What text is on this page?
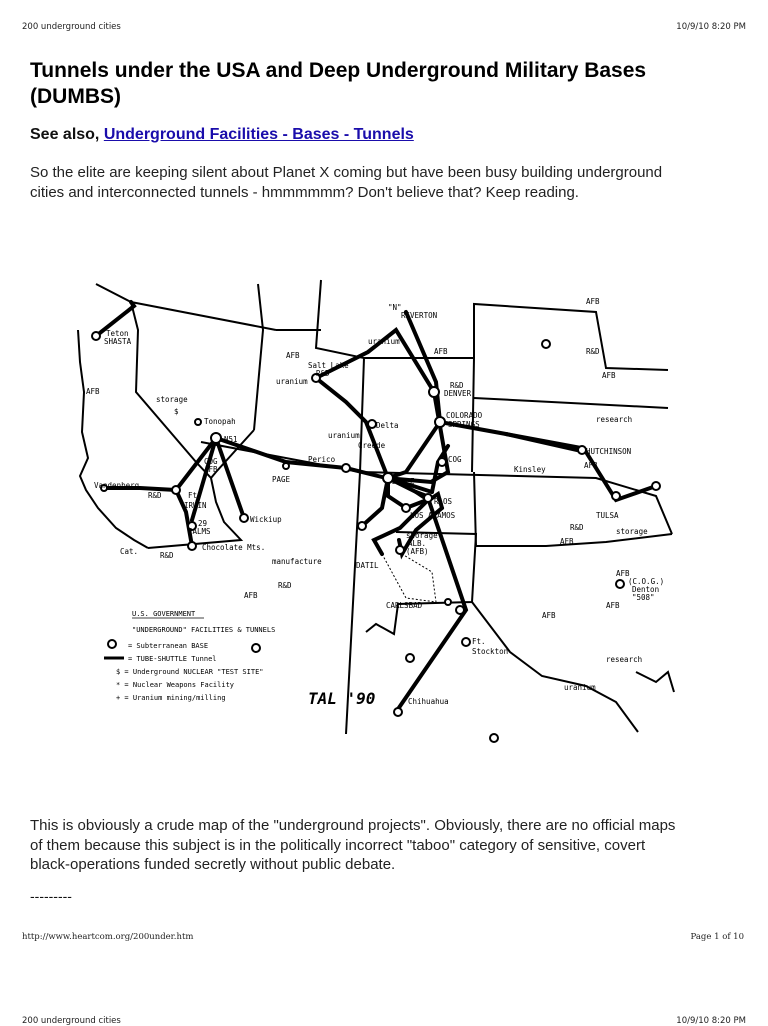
200 underground cities	10/9/10 8:20 PM
Tunnels under the USA and Deep Underground Military Bases (DUMBS)
See also, Underground Facilities - Bases - Tunnels

So the elite are keeping silent about Planet X coming but have been busy building underground cities and interconnected tunnels - hmmmmmm? Don't believe that? Keep reading.

"N"
RIVERTON
AFB
Teton
SHASTA	uranium
AFB
Salt Lake
R&D
uranium
AFB
R&D
DENVER
R&D
AFB
AFB
storage
$
Tonopah
N51
COG
AFB
uranium
Delta
Creede
COLORADO
SPRINGS
research
HUTCHINSON
Kinsley	AFB
PAGE
Perico	COG
DULCE
Vandenberg
R&D	Ft.
IRWIN
29
PALMS
Wickiup
RAOS
LOS ALAMOS	TULSA
storage
R&D
AFB
Cat.	R&D
Chocolate Mts.
storage
ALB.
(AFB)
manufacture	DATIL
R&D
AFB
CARLSBAD
(C.O.G.)
Denton
"508"
AFB
AFB
AFB
research
uranium
Ft.
Stockton
Chihuahua
TAL '90
U.S. GOVERNMENT
"UNDERGROUND" FACILITIES & TUNNELS
= Subterranean BASE
= TUBE-SHUTTLE Tunnel
$ = Underground NUCLEAR "TEST SITE"
* = Nuclear Weapons Facility
+ = Uranium mining/milling

This is obviously a crude map of the "underground projects". Obviously, there are no official maps of them because this subject is in the politically incorrect "taboo" category of sensitive, covert black-operations funded secretly without public debate.

---------
http://www.heartcom.org/200under.htm	Page 1 of 10
200 underground cities	10/9/10 8:20 PM
